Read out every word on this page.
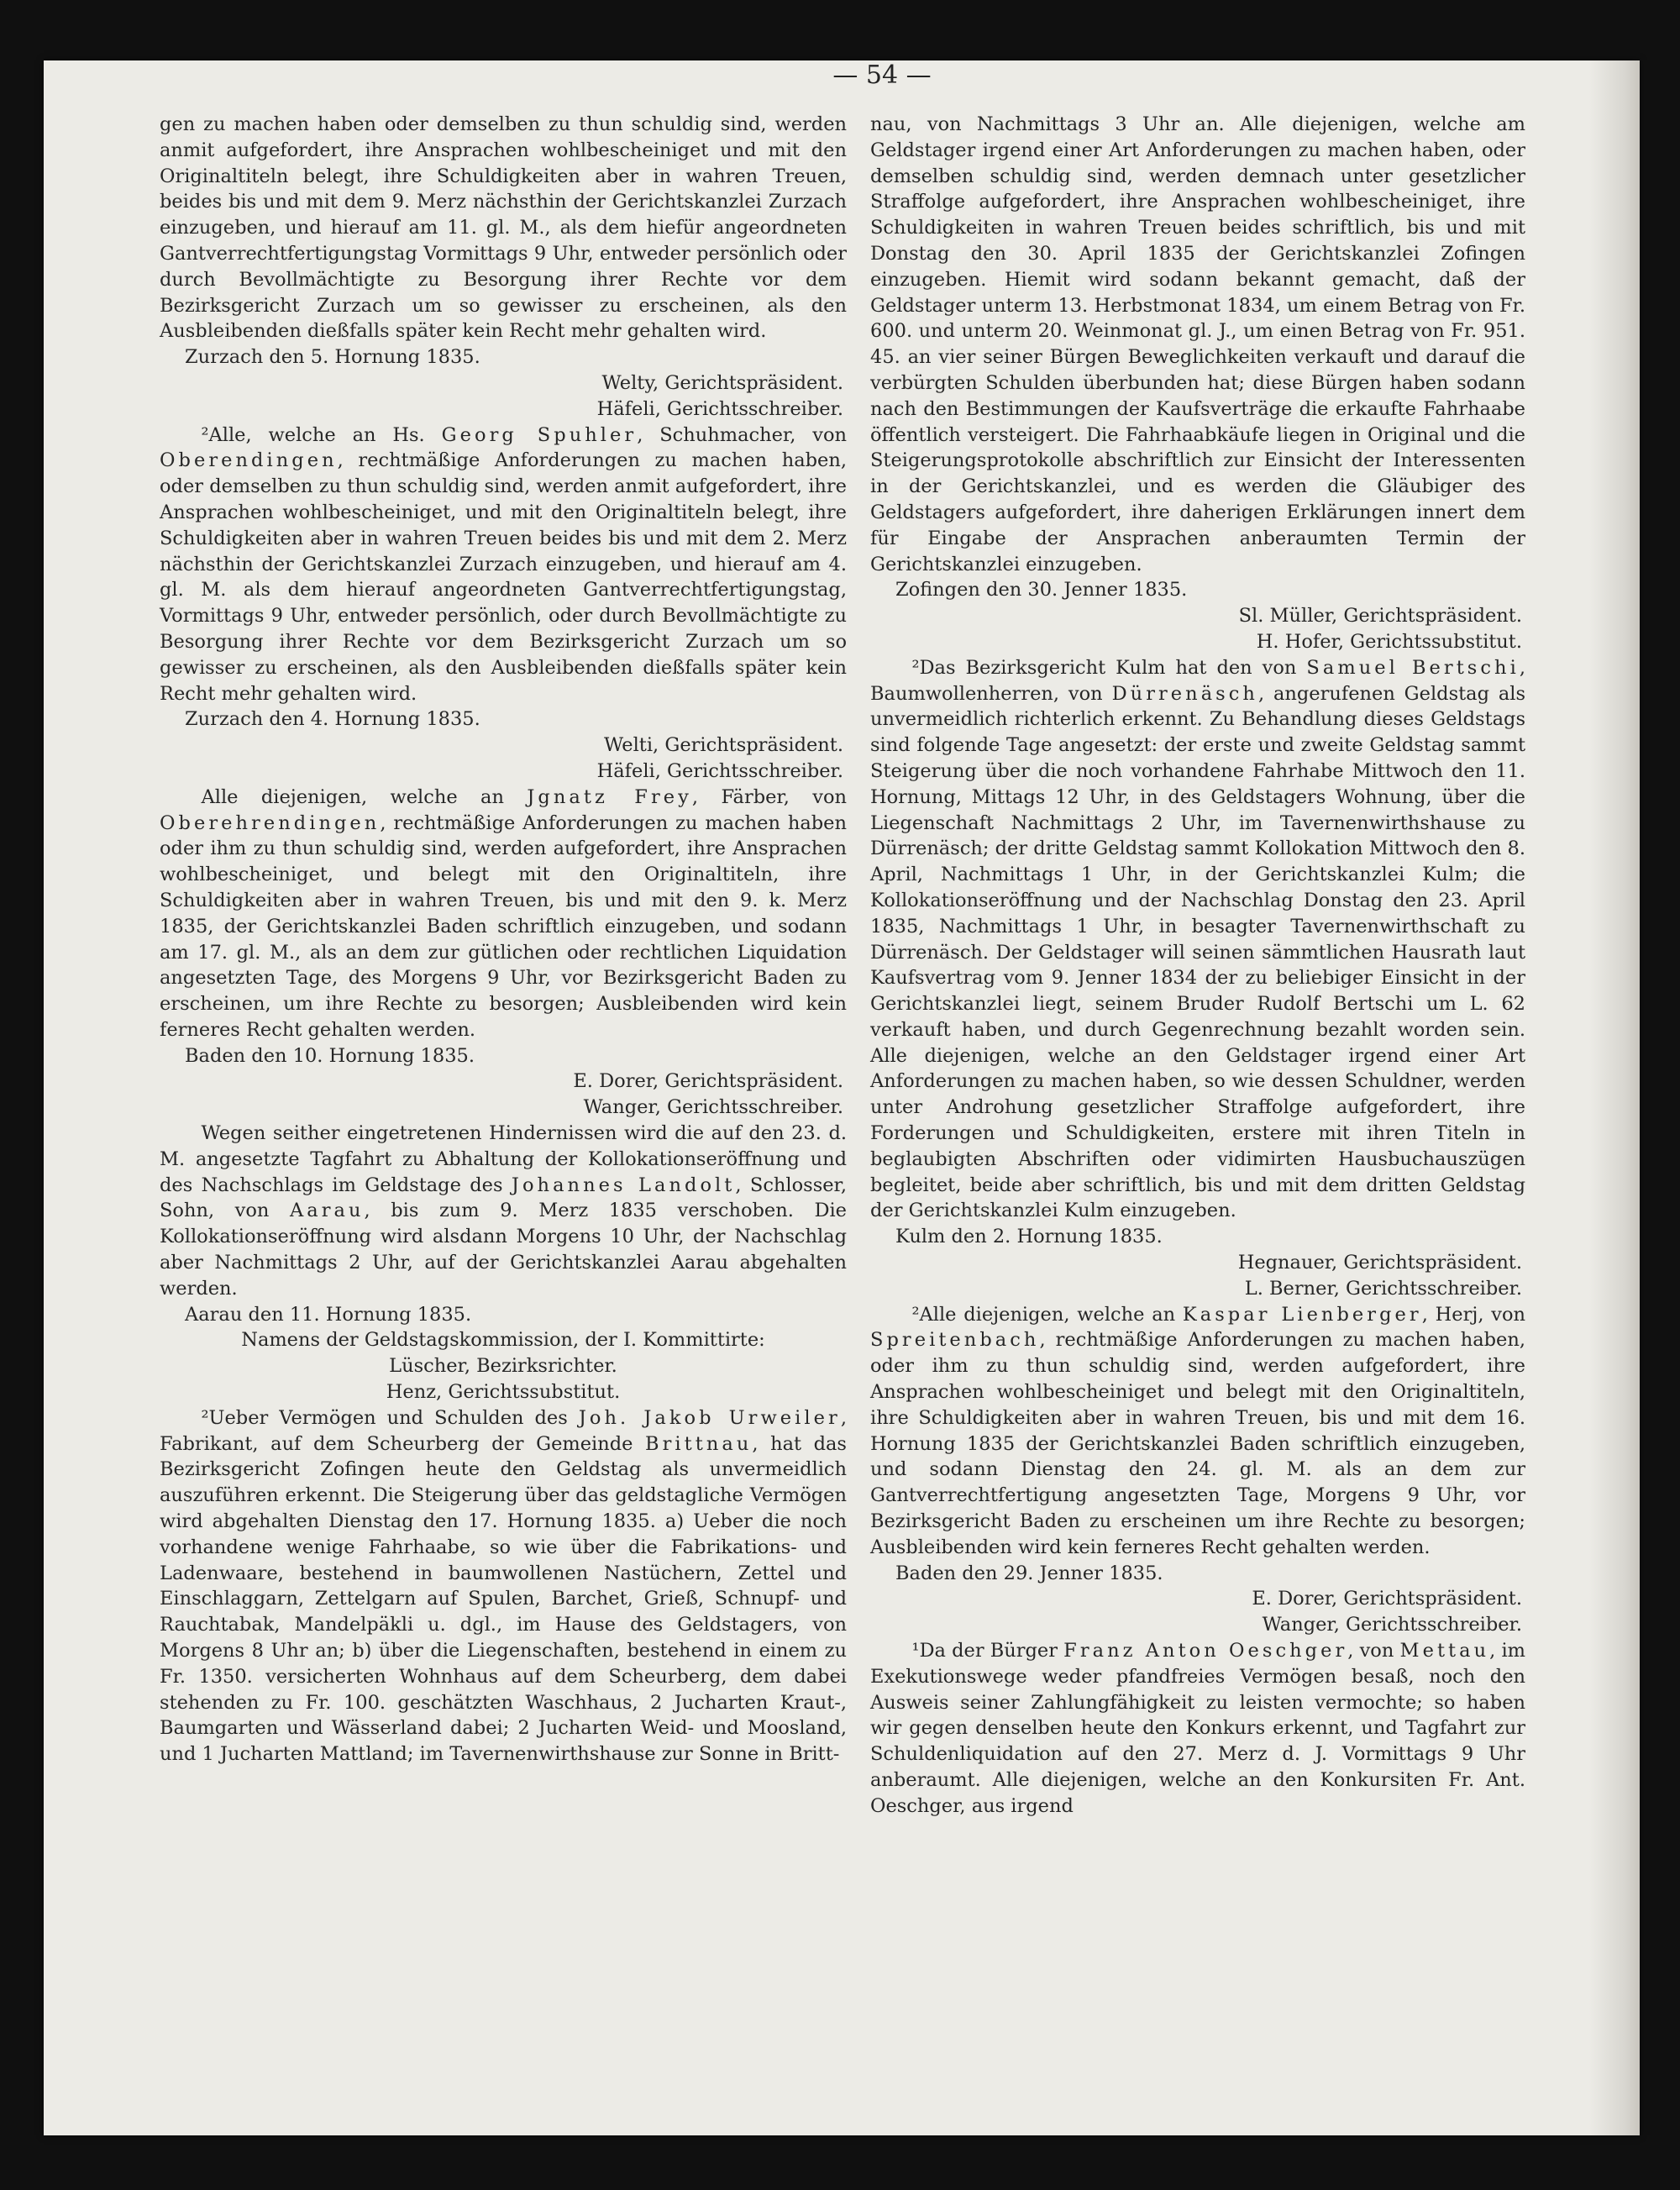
— 54 —

gen zu machen haben oder demselben zu thun schuldig sind, werden anmit aufgefordert, ihre Ansprachen wohlbescheiniget und mit den Originaltiteln belegt, ihre Schuldigkeiten aber in wahren Treuen, beides bis und mit dem 9. Merz nächsthin der Gerichtskanzlei Zurzach einzugeben, und hierauf am 11. gl. M., als dem hiefür angeordneten Gantverrechtfertigungstag Vormittags 9 Uhr, entweder persönlich oder durch Bevollmächtigte zu Besorgung ihrer Rechte vor dem Bezirksgericht Zurzach um so gewisser zu erscheinen, als den Ausbleibenden dießfalls später kein Recht mehr gehalten wird.

Zurzach den 5. Hornung 1835.

Welty, Gerichtspräsident.

Häfeli, Gerichtsschreiber.

²Alle, welche an Hs. Georg Spuhler, Schuhmacher, von Oberendingen, rechtmäßige Anforderungen zu machen haben, oder demselben zu thun schuldig sind, werden anmit aufgefordert, ihre Ansprachen wohlbescheiniget, und mit den Originaltiteln belegt, ihre Schuldigkeiten aber in wahren Treuen beides bis und mit dem 2. Merz nächsthin der Gerichtskanzlei Zurzach einzugeben, und hierauf am 4. gl. M. als dem hierauf angeordneten Gantverrechtfertigungstag, Vormittags 9 Uhr, entweder persönlich, oder durch Bevollmächtigte zu Besorgung ihrer Rechte vor dem Bezirksgericht Zurzach um so gewisser zu erscheinen, als den Ausbleibenden dießfalls später kein Recht mehr gehalten wird.

Zurzach den 4. Hornung 1835.

Welti, Gerichtspräsident.

Häfeli, Gerichtsschreiber.

Alle diejenigen, welche an Jgnatz Frey, Färber, von Oberehrendingen, rechtmäßige Anforderungen zu machen haben oder ihm zu thun schuldig sind, werden aufgefordert, ihre Ansprachen wohlbescheiniget, und belegt mit den Originaltiteln, ihre Schuldigkeiten aber in wahren Treuen, bis und mit den 9. k. Merz 1835, der Gerichtskanzlei Baden schriftlich einzugeben, und sodann am 17. gl. M., als an dem zur gütlichen oder rechtlichen Liquidation angesetzten Tage, des Morgens 9 Uhr, vor Bezirksgericht Baden zu erscheinen, um ihre Rechte zu besorgen; Ausbleibenden wird kein ferneres Recht gehalten werden.

Baden den 10. Hornung 1835.

E. Dorer, Gerichtspräsident.

Wanger, Gerichtsschreiber.

Wegen seither eingetretenen Hindernissen wird die auf den 23. d. M. angesetzte Tagfahrt zu Abhaltung der Kollokationseröffnung und des Nachschlags im Geldstage des Johannes Landolt, Schlosser, Sohn, von Aarau, bis zum 9. Merz 1835 verschoben. Die Kollokationseröffnung wird alsdann Morgens 10 Uhr, der Nachschlag aber Nachmittags 2 Uhr, auf der Gerichtskanzlei Aarau abgehalten werden.

Aarau den 11. Hornung 1835.

Namens der Geldstagskommission, der I. Kommittirte:

Lüscher, Bezirksrichter.

Henz, Gerichtssubstitut.

²Ueber Vermögen und Schulden des Joh. Jakob Urweiler, Fabrikant, auf dem Scheurberg der Gemeinde Brittnau, hat das Bezirksgericht Zofingen heute den Geldstag als unvermeidlich auszuführen erkennt. Die Steigerung über das geldstagliche Vermögen wird abgehalten Dienstag den 17. Hornung 1835. a) Ueber die noch vorhandene wenige Fahrhaabe, so wie über die Fabrikations- und Ladenwaare, bestehend in baumwollenen Nastüchern, Zettel und Einschlaggarn, Zettelgarn auf Spulen, Barchet, Grieß, Schnupf- und Rauchtabak, Mandelpäkli u. dgl., im Hause des Geldstagers, von Morgens 8 Uhr an; b) über die Liegenschaften, bestehend in einem zu Fr. 1350. versicherten Wohnhaus auf dem Scheurberg, dem dabei stehenden zu Fr. 100. geschätzten Waschhaus, 2 Jucharten Kraut-, Baumgarten und Wässerland dabei; 2 Jucharten Weid- und Moosland, und 1 Jucharten Mattland; im Tavernenwirthshause zur Sonne in Britt-

nau, von Nachmittags 3 Uhr an. Alle diejenigen, welche am Geldstager irgend einer Art Anforderungen zu machen haben, oder demselben schuldig sind, werden demnach unter gesetzlicher Straffolge aufgefordert, ihre Ansprachen wohlbescheiniget, ihre Schuldigkeiten in wahren Treuen beides schriftlich, bis und mit Donstag den 30. April 1835 der Gerichtskanzlei Zofingen einzugeben. Hiemit wird sodann bekannt gemacht, daß der Geldstager unterm 13. Herbstmonat 1834, um einem Betrag von Fr. 600. und unterm 20. Weinmonat gl. J., um einen Betrag von Fr. 951. 45. an vier seiner Bürgen Beweglichkeiten verkauft und darauf die verbürgten Schulden überbunden hat; diese Bürgen haben sodann nach den Bestimmungen der Kaufsverträge die erkaufte Fahrhaabe öffentlich versteigert. Die Fahrhaabkäufe liegen in Original und die Steigerungsprotokolle abschriftlich zur Einsicht der Interessenten in der Gerichtskanzlei, und es werden die Gläubiger des Geldstagers aufgefordert, ihre daherigen Erklärungen innert dem für Eingabe der Ansprachen anberaumten Termin der Gerichtskanzlei einzugeben.

Zofingen den 30. Jenner 1835.

Sl. Müller, Gerichtspräsident.

H. Hofer, Gerichtssubstitut.

²Das Bezirksgericht Kulm hat den von Samuel Bertschi, Baumwollenherren, von Dürrenäsch, angerufenen Geldstag als unvermeidlich richterlich erkennt. Zu Behandlung dieses Geldstags sind folgende Tage angesetzt: der erste und zweite Geldstag sammt Steigerung über die noch vorhandene Fahrhabe Mittwoch den 11. Hornung, Mittags 12 Uhr, in des Geldstagers Wohnung, über die Liegenschaft Nachmittags 2 Uhr, im Tavernenwirthshause zu Dürrenäsch; der dritte Geldstag sammt Kollokation Mittwoch den 8. April, Nachmittags 1 Uhr, in der Gerichtskanzlei Kulm; die Kollokationseröffnung und der Nachschlag Donstag den 23. April 1835, Nachmittags 1 Uhr, in besagter Tavernenwirthschaft zu Dürrenäsch. Der Geldstager will seinen sämmtlichen Hausrath laut Kaufsvertrag vom 9. Jenner 1834 der zu beliebiger Einsicht in der Gerichtskanzlei liegt, seinem Bruder Rudolf Bertschi um L. 62 verkauft haben, und durch Gegenrechnung bezahlt worden sein. Alle diejenigen, welche an den Geldstager irgend einer Art Anforderungen zu machen haben, so wie dessen Schuldner, werden unter Androhung gesetzlicher Straffolge aufgefordert, ihre Forderungen und Schuldigkeiten, erstere mit ihren Titeln in beglaubigten Abschriften oder vidimirten Hausbuchauszügen begleitet, beide aber schriftlich, bis und mit dem dritten Geldstag der Gerichtskanzlei Kulm einzugeben.

Kulm den 2. Hornung 1835.

Hegnauer, Gerichtspräsident.

L. Berner, Gerichtsschreiber.

²Alle diejenigen, welche an Kaspar Lienberger, Herj, von Spreitenbach, rechtmäßige Anforderungen zu machen haben, oder ihm zu thun schuldig sind, werden aufgefordert, ihre Ansprachen wohlbescheiniget und belegt mit den Originaltiteln, ihre Schuldigkeiten aber in wahren Treuen, bis und mit dem 16. Hornung 1835 der Gerichtskanzlei Baden schriftlich einzugeben, und sodann Dienstag den 24. gl. M. als an dem zur Gantverrechtfertigung angesetzten Tage, Morgens 9 Uhr, vor Bezirksgericht Baden zu erscheinen um ihre Rechte zu besorgen; Ausbleibenden wird kein ferneres Recht gehalten werden.

Baden den 29. Jenner 1835.

E. Dorer, Gerichtspräsident.

Wanger, Gerichtsschreiber.

¹Da der Bürger Franz Anton Oeschger, von Mettau, im Exekutionswege weder pfandfreies Vermögen besaß, noch den Ausweis seiner Zahlungfähigkeit zu leisten vermochte; so haben wir gegen denselben heute den Konkurs erkennt, und Tagfahrt zur Schuldenliquidation auf den 27. Merz d. J. Vormittags 9 Uhr anberaumt. Alle diejenigen, welche an den Konkursiten Fr. Ant. Oeschger, aus irgend
